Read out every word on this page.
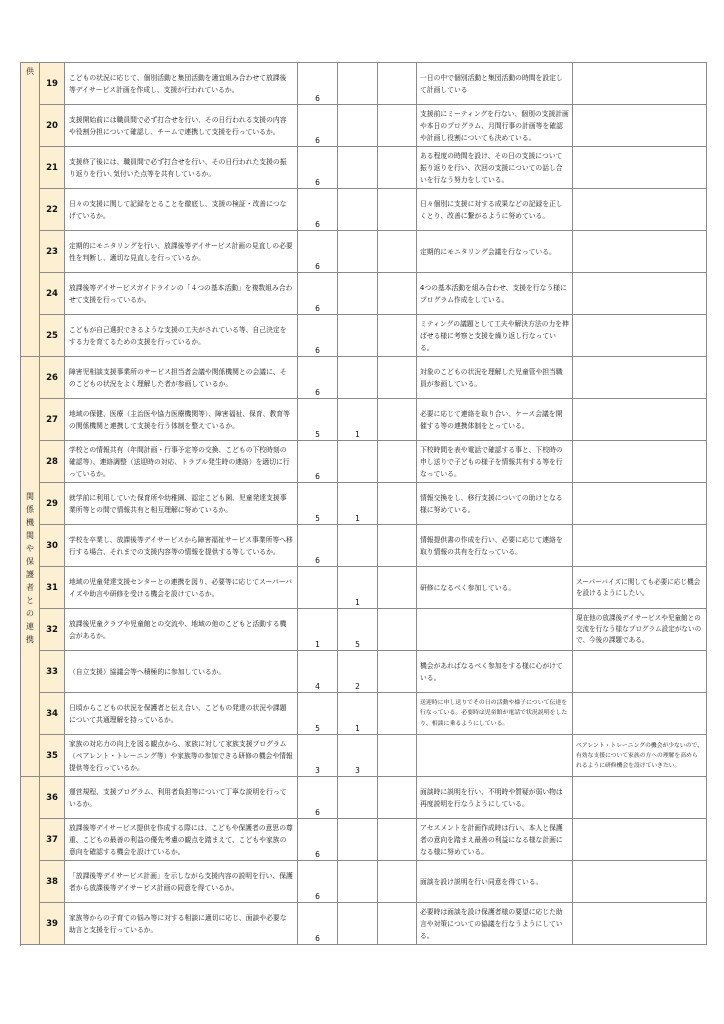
供	19	こどもの状況に応じて、個別活動と集団活動を適宜組み合わせて放課後等デイサービス計画を作成し、支援が行われているか。	6			一日の中で個別活動と集団活動の時間を設定して計画している	
	20	支援開始前には職員間で必ず打合せを行い、その日行われる支援の内容や役割分担について確認し、チームで連携して支援を行っているか。	6			支援前にミーティングを行ない、個別の支援計画や本日のプログラム、月間行事の計画等を確認や計画し役割についても決めている。	
	21	支援終了後には、職員間で必ず打合せを行い、その日行われた支援の振り返りを行い､気付いた点等を共有しているか。	6			ある程度の時間を設け、その日の支援について振り返りを行い、次回の支援についての話し合いを行なう努力をしている。	
	22	日々の支援に関して記録をとることを徹底し、支援の検証・改善につなげているか。	6			日々個別に支援に対する成果などの記録を正しくとり、改善に繋がるように努めている。	
	23	定期的にモニタリングを行い、放課後等デイサービス計画の見直しの必要性を判断し、適切な見直しを行っているか。	6			定期的にモニタリング会議を行なっている。	
	24	放課後等デイサービスガイドラインの「４つの基本活動」を複数組み合わせて支援を行っているか。	6			4つの基本活動を組み合わせ、支援を行なう様にプログラム作成をしている。	
	25	こどもが自己選択できるような支援の工夫がされている等、自己決定をする力を育てるための支援を行っているか。	6			ミティングの議題として工夫や解決方法の力を伸ばせる様に考察と支援を繰り返し行なっている。	

関係機関や保護者との連携	26	障害児相談支援事業所のサービス担当者会議や関係機関との会議に、そのこどもの状況をよく理解した者が参画しているか。	6			対象のこどもの状況を理解した児童管や担当職員が参画している。	
	27	地域の保健、医療（主治医や協力医療機関等）、障害福祉、保育、教育等の関係機関と連携して支援を行う体制を整えているか。	5	1		必要に応じて連絡を取り合い、ケース会議を開催する等の連携体制をとっている。	
	28	学校との情報共有（年間計画・行事予定等の交換、こどもの下校時刻の確認等）、連絡調整（送迎時の対応、トラブル発生時の連絡）を適切に行っているか。	6			下校時間を表や電話で確認する事と、下校時の申し送りで子どもの様子を情報共有する等を行なっている。	
	29	就学前に利用していた保育所や幼稚園、認定こども園、児童発達支援事業所等との間で情報共有と相互理解に努めているか。	5	1		情報交換をし、移行支援についての助けとなる様に努めている。	
	30	学校を卒業し、放課後等デイサービスから障害福祉サービス事業所等へ移行する場合、それまでの支援内容等の情報を提供する等しているか。	6			情報提供書の作成を行い、必要に応じて連絡を取り情報の共有を行なっている。	
	31	地域の児童発達支援センターとの連携を図り、必要等に応じてスーパーバイズや助言や研修を受ける機会を設けているか。		1		研修になるべく参加している。	スーパーバイズに関しても必要に応じ機会を設けるようにしたい。
	32	放課後児童クラブや児童館との交流や、地域の他のこどもと活動する機会があるか。	1	5			現在他の放課後デイサービスや児童館との交流を行なう様なプログラム設定がないので、今後の課題である。
	33	（自立支援）協議会等へ積極的に参加しているか。	4	2		機会があればなるべく参加をする様に心がけている。	
	34	日頃からこどもの状況を保護者と伝え合い、こどもの発達の状況や課題について共通理解を持っているか。	5	1		送迎時に申し送りでその日の活動や様子について伝達を行なっている。必要時は児童館が電話で状況説明をしたり、相談に乗るようにしている。	
	35	家族の対応力の向上を図る観点から、家族に対して家族支援プログラム（ペアレント・トレーニング等）や家族等の参加できる研修の機会や情報提供等を行っているか。	3	3			ペアレント・トレーニングの機会が少ないので、有効な支援について家族の方への理解を高められるように研修機会を設けていきたい。

	36	運営規程、支援プログラム、利用者負担等について丁寧な説明を行っているか。	6			面談時に説明を行い、不明時や質疑が弱い物は再度説明を行なうようにしている。	
	37	放課後等デイサービス提供を作成する際には、こどもや保護者の意思の尊重、こどもの最善の利益の優先考慮の観点を踏まえて、こどもや家族の意向を確認する機会を設けているか。	6			アセスメントを計画作成時は行い、本人と保護者の意向を踏まえ最善の利益になる様な計画になる様に努めている。	
	38	「放課後等デイサービス計画」を示しながら支援内容の説明を行い、保護者から放課後等デイサービス計画の同意を得ているか。	6			面談を設け説明を行い同意を得ている。	
	39	家族等からの子育ての悩み等に対する相談に適切に応じ、面談や必要な助言と支援を行っているか。	6			必要時は面談を設け保護者様の要望に応じた助言や対策についての協議を行なうようにしている。	
